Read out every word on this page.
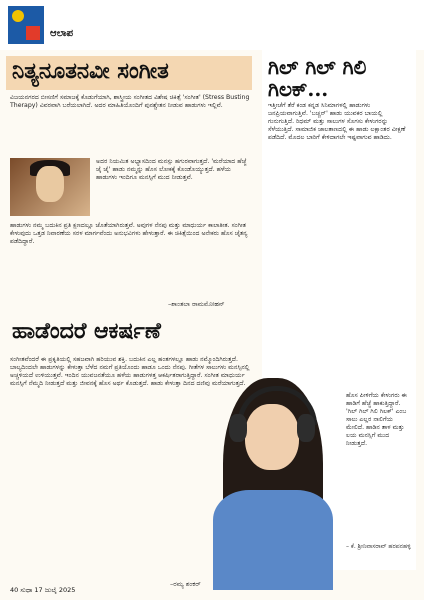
ಆಲಾಪ
ನಿತ್ಯನೂತನವೀ ಸಂಗೀತ

ವಿಜಯನಗರದ ಬೀಸಣಿಗೆ ಸಮಾಜಕ್ಕೆ ಕೊಡುಗೆಯಾಗಿ, ಶಾಸ್ತ್ರೀಯ ಸಂಗೀತದ ವಿಶೇಷ ಚಿಕಿತ್ಸೆ 'ಸಂಗೀತ' (Stress Busting Therapy) ವಿವರವಾಗಿ ಬರೆಯಲಾಗಿದೆ. ಅದರ ಮಾಹಿತಿಯೊಂದಿಗೆ ಪುನಶ್ಚೇತನ ನೀಡುವ ಹಾಡುಗಳು ಇಲ್ಲಿವೆ.

ಅದರ ನಿಯಮಿತ ಅಭ್ಯಾಸದಿಂದ ಮನಸ್ಸು ಹಗುರವಾಗುತ್ತದೆ. 'ಮರೆಯಾದ ಹೆಜ್ಜೆ ಜೈ ಜೈ' ಹಾಡು ನಮ್ಮನ್ನು ಹೊಸ ಲೋಕಕ್ಕೆ ಕೊಂಡೊಯ್ಯುತ್ತದೆ. ಹಳೆಯ ಹಾಡುಗಳು ಇಂದಿಗೂ ಮನಸ್ಸಿಗೆ ಮುದ ನೀಡುತ್ತವೆ.

ಹಾಡುಗಳು ನಮ್ಮ ಬದುಕಿನ ಪ್ರತಿ ಕ್ಷಣದಲ್ಲೂ ಜೊತೆಯಾಗಿರುತ್ತವೆ. ಅವುಗಳ ನೆನಪು ಮತ್ತು ಮಾಧುರ್ಯ ಕಾಲಾತೀತ. ಸಂಗೀತ ಕೇಳುವುದು ಒತ್ತಡ ನಿವಾರಣೆಯ ಸರಳ ಮಾರ್ಗವೆಂದು ಅನುಭವಿಗಳು ಹೇಳುತ್ತಾರೆ. ಈ ಚಿಕಿತ್ಸೆಯಿಂದ ಅನೇಕರು ಹೊಸ ಚೈತನ್ಯ ಪಡೆದಿದ್ದಾರೆ.

–ಶಾಂತಲಾ ರಾಮಮೋಹನ್
ಹಾಡೆಂದರೆ ಆಕರ್ಷಣೆ

ಸಂಗೀತವೆಂದರೆ ಈ ಪ್ರಕೃತಿಯಲ್ಲಿ ಸಹಜವಾಗಿ ಹರಿಯುವ ಶಕ್ತಿ. ಬದುಕಿನ ಎಲ್ಲ ಹಂತಗಳಲ್ಲೂ ಹಾಡು ನಮ್ಮೊಂದಿಗಿರುತ್ತದೆ. ಬಾಲ್ಯದಿಂದಲೇ ಹಾಡುಗಳನ್ನು ಕೇಳುತ್ತಾ ಬೆಳೆದ ನಮಗೆ ಪ್ರತಿಯೊಂದು ಹಾಡೂ ಒಂದು ನೆನಪು. ಗೀತೆಗಳ ಸಾಲುಗಳು ಮನಸ್ಸಿನಲ್ಲಿ ಅಚ್ಚಳಿಯದೆ ಉಳಿಯುತ್ತವೆ. ಇಂದಿನ ಯುವಜನತೆಯೂ ಹಳೆಯ ಹಾಡುಗಳತ್ತ ಆಕರ್ಷಿತರಾಗುತ್ತಿದ್ದಾರೆ. ಸಂಗೀತ ಮಾಧುರ್ಯ ಮನಸ್ಸಿಗೆ ನೆಮ್ಮದಿ ನೀಡುತ್ತದೆ ಮತ್ತು ಜೀವನಕ್ಕೆ ಹೊಸ ಅರ್ಥ ಕೊಡುತ್ತದೆ. ಹಾಡು ಕೇಳುತ್ತಾ ದಿನದ ದಣಿವು ಮರೆಯಾಗುತ್ತದೆ.

–ರಮ್ಯ ಶಂಕರ್
ಗಿಲ್ ಗಿಲ್ ಗಿಲಿ ಗಿಲಕ್...

ಇತ್ತೀಚೆಗೆ ತೆರೆ ಕಂಡ ಕನ್ನಡ ಸಿನಿಮಾಗಳಲ್ಲಿ ಹಾಡುಗಳು ಜನಪ್ರಿಯವಾಗುತ್ತಿವೆ. 'ಬಚ್ಚನ್' ಹಾಡು ಯುವಕರ ಬಾಯಲ್ಲಿ ಗುನುಗುತ್ತಿದೆ. ರಿಧಮ್ ಮತ್ತು ಸಾಲುಗಳ ಸೊಗಸು ಕೇಳುಗರನ್ನು ಸೆಳೆಯುತ್ತಿದೆ. ಸಾಮಾಜಿಕ ಜಾಲತಾಣದಲ್ಲಿ ಈ ಹಾಡು ಲಕ್ಷಾಂತರ ವೀಕ್ಷಣೆ ಪಡೆದಿದೆ. ಮೊದಲ ಬಾರಿಗೆ ಕೇಳಿದಾಗಲೇ ಇಷ್ಟವಾಗುವ ಹಾಡಿದು.

ಹೊಸ ಪೀಳಿಗೆಯ ಕೇಳುಗರು ಈ ಹಾಡಿಗೆ ಹೆಜ್ಜೆ ಹಾಕುತ್ತಿದ್ದಾರೆ. 'ಗಿಲ್ ಗಿಲ್ ಗಿಲಿ ಗಿಲಕ್' ಎಂಬ ಸಾಲು ಎಲ್ಲರ ನಾಲಿಗೆಯ ಮೇಲಿದೆ. ಹಾಡಿನ ತಾಳ ಮತ್ತು ಲಯ ಮನಸ್ಸಿಗೆ ಮುದ ನೀಡುತ್ತದೆ.

– ಕೆ. ಶ್ರೀನಿವಾಸರಾವ್ ಹರಪನಹಳ್ಳಿ
40 ಸುಧಾ 17 ಜುಲೈ 2025
